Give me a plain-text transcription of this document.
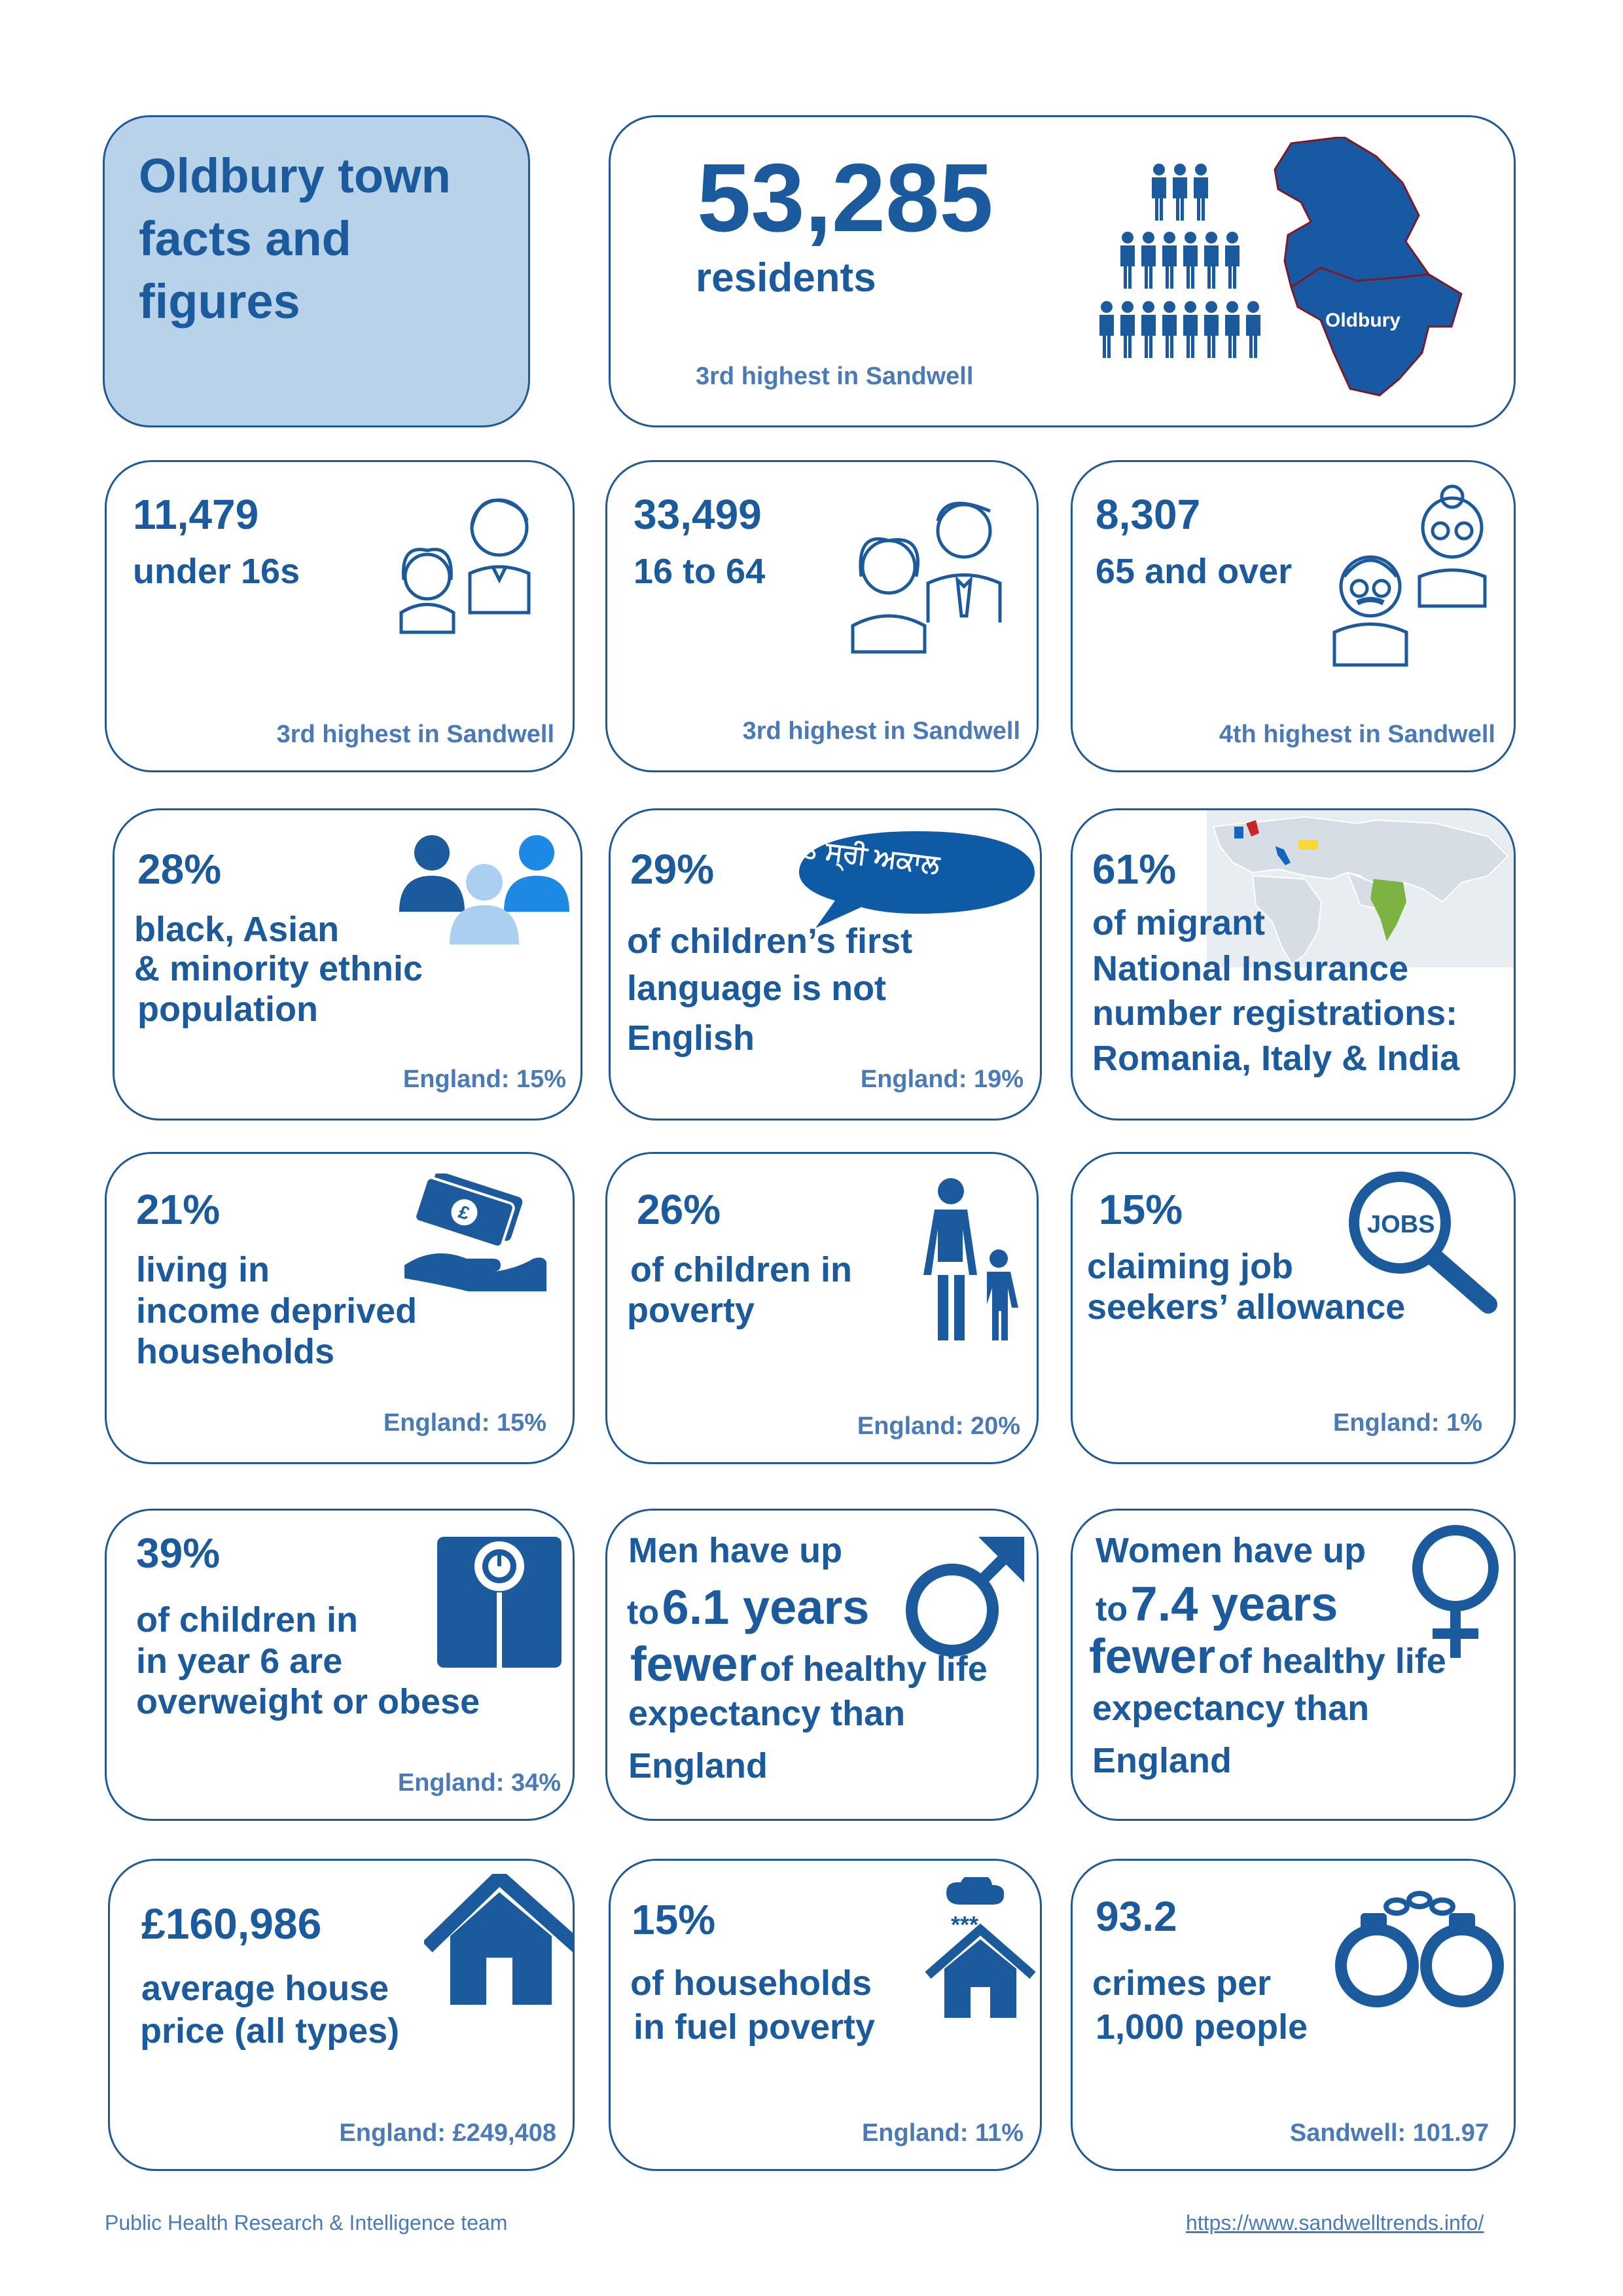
Oldbury town facts and figures
53,285
residents
3rd highest in Sandwell
Oldbury
11,479
under 16s
3rd highest in Sandwell
33,499
16 to 64
3rd highest in Sandwell
8,307
65 and over
4th highest in Sandwell
28%
black, Asian
& minority ethnic
population
England: 15%
29%
of children’s first
language is not
English
England: 19%
ਸਤ ਸ੍ਰੀ ਅਕਾਲ	61%
of migrant
National Insurance
number registrations:
Romania, Italy & India
21%
living in
income deprived
households
England: 15%
£	26%
of children in
poverty
England: 20%
15%
claiming job
seekers’ allowance
England: 1%
JOBS
39%
of children in
in year 6 are
overweight or obese
England: 34%
Men have up
to 6.1 years
fewer of healthy life
expectancy than
England
Women have up
to 7.4 years
fewer of healthy life
expectancy than
England
£160,986
average house
price (all types)
England: £249,408
15%
of households
in fuel poverty
England: 11%
***	93.2
crimes per
1,000 people
Sandwell: 101.97
Public Health Research & Intelligence team	https://www.sandwelltrends.info/
